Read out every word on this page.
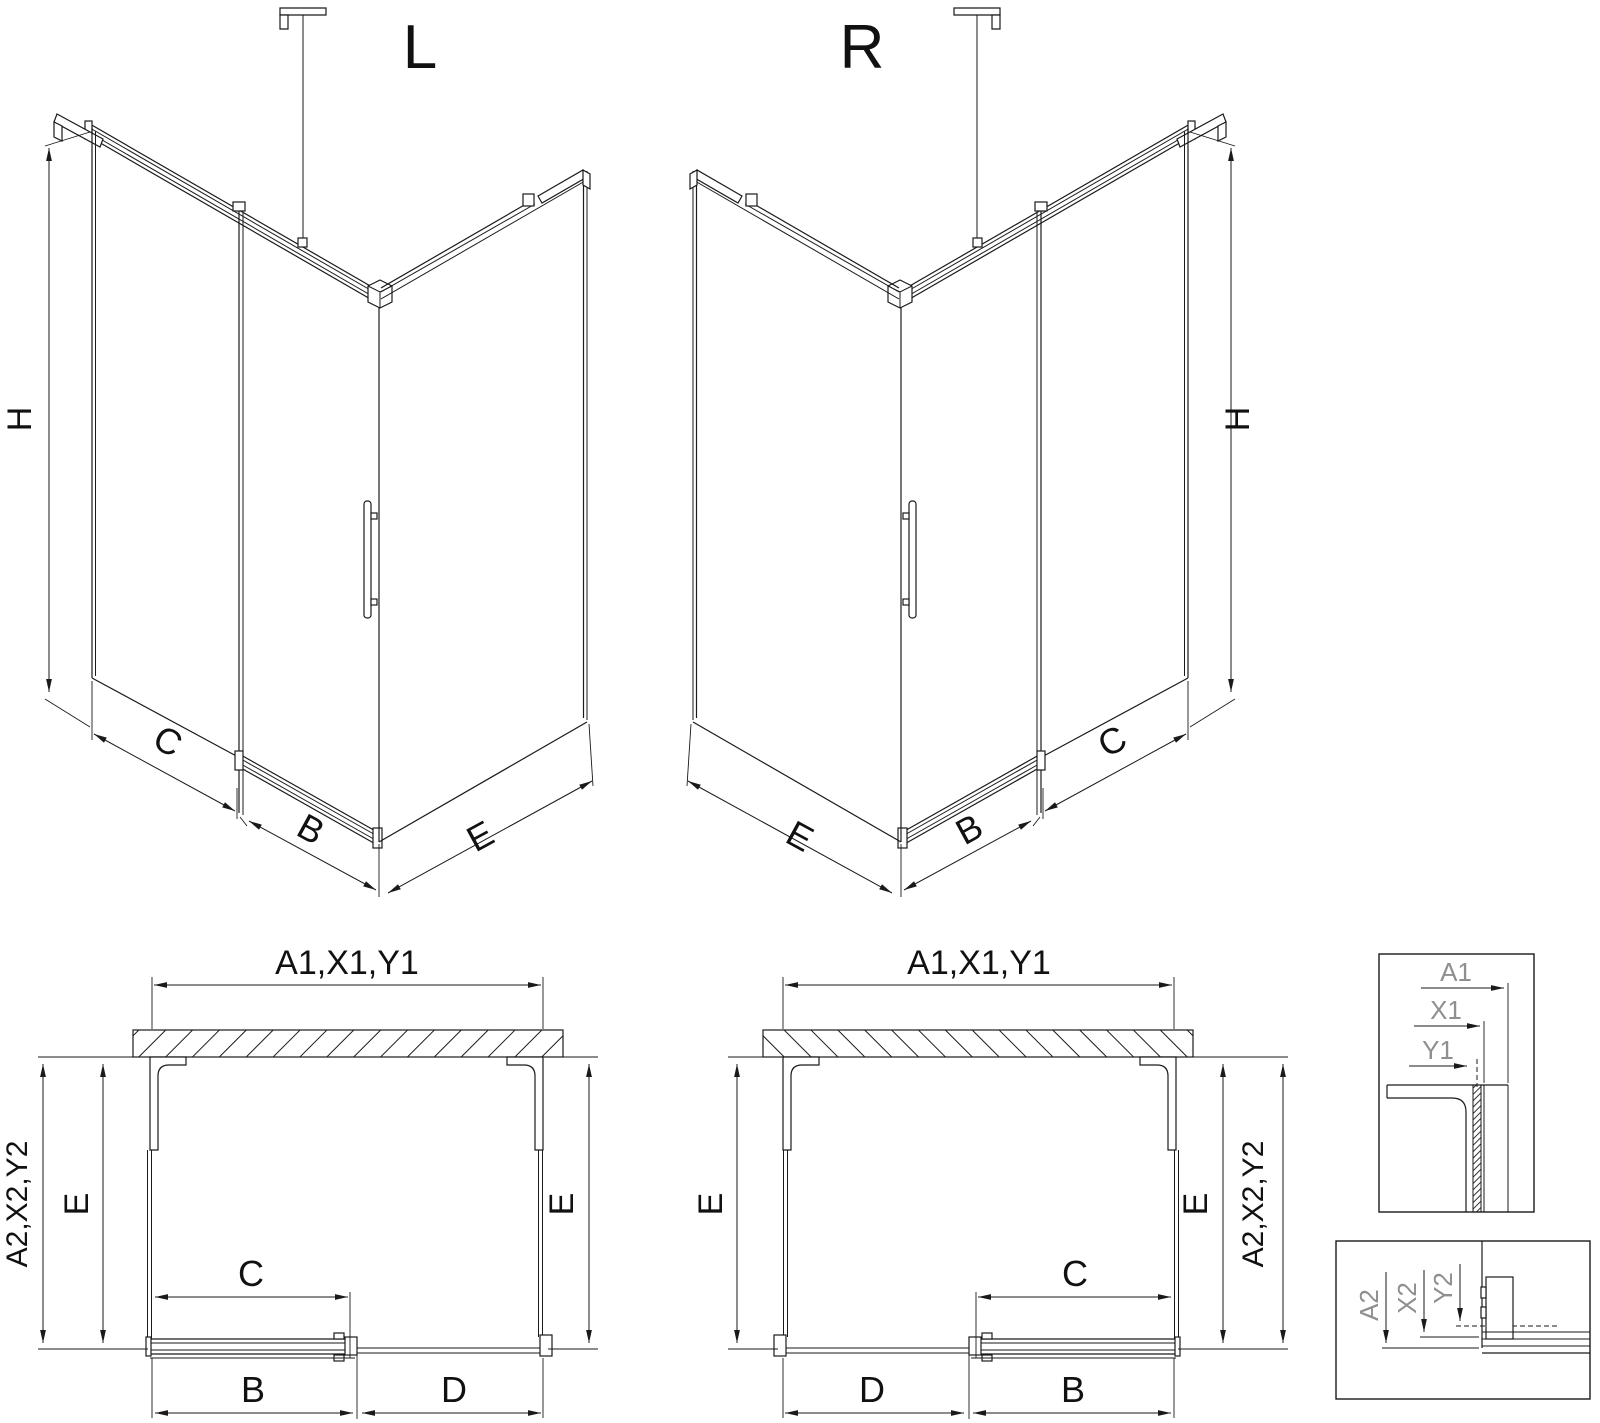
L
H
C
B	E
R
H
C
B
E
A1,X1,Y1
A2,X2,Y2 E	E
C
B	D
A1,X1,Y1
A2,X2,Y2
E	E
C
B
D
A1
X1
Y1
A2 X2 Y2
